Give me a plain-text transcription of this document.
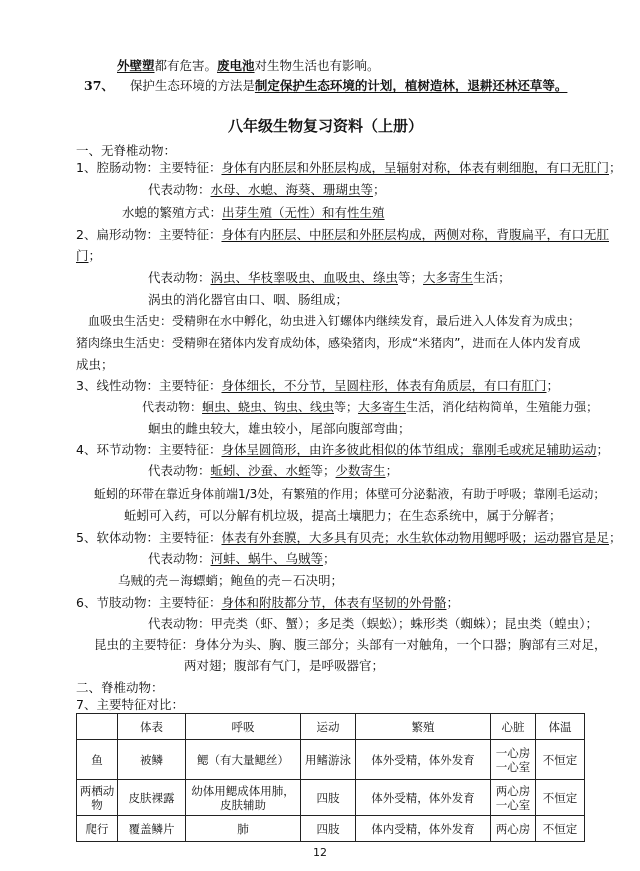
外壁塑都有危害。废电池对生物生活也有影响。
37、 保护生态环境的方法是制定保护生态环境的计划，植树造林，退耕还林还草等。
八年级生物复习资料（上册）
一、无脊椎动物：
1、腔肠动物：主要特征：身体有内胚层和外胚层构成，呈辐射对称，体表有刺细胞，有口无肛门；
代表动物：水母、水螅、海葵、珊瑚虫等；
水螅的繁殖方式：出芽生殖（无性）和有性生殖
2、扁形动物：主要特征：身体有内胚层、中胚层和外胚层构成，两侧对称，背腹扁平，有口无肛
门；
代表动物：涡虫、华枝睾吸虫、血吸虫、绦虫等；大多寄生生活；
涡虫的消化器官由口、咽、肠组成；
血吸虫生活史：受精卵在水中孵化，幼虫进入钉螺体内继续发育，最后进入人体发育为成虫；
猪肉绦虫生活史：受精卵在猪体内发育成幼体，感染猪肉，形成“米猪肉”，进而在人体内发育成
成虫；
3、线性动物：主要特征：身体细长，不分节，呈圆柱形，体表有角质层，有口有肛门；
代表动物：蛔虫、蛲虫、钩虫、线虫等；大多寄生生活，消化结构简单，生殖能力强；
蛔虫的雌虫较大，雄虫较小，尾部向腹部弯曲；
4、环节动物：主要特征：身体呈圆筒形，由许多彼此相似的体节组成；靠刚毛或疣足辅助运动；
代表动物：蚯蚓、沙蚕、水蛭等；少数寄生；
蚯蚓的环带在靠近身体前端1/3处，有繁殖的作用；体壁可分泌黏液，有助于呼吸；靠刚毛运动；
蚯蚓可入药，可以分解有机垃圾，提高土壤肥力；在生态系统中，属于分解者；
5、软体动物：主要特征：体表有外套膜，大多具有贝壳；水生软体动物用鳃呼吸；运动器官是足；
代表动物：河蚌、蜗牛、乌贼等；
乌贼的壳－海螵蛸；鲍鱼的壳－石决明；
6、节肢动物：主要特征：身体和附肢都分节，体表有坚韧的外骨骼；
代表动物：甲壳类（虾、蟹）；多足类（蜈蚣）；蛛形类（蜘蛛）；昆虫类（蝗虫）；
昆虫的主要特征：身体分为头、胸、腹三部分；头部有一对触角，一个口器；胸部有三对足，
两对翅；腹部有气门，是呼吸器官；
二、脊椎动物：
7、主要特征对比：
	体表	呼吸	运动	繁殖	心脏	体温
鱼	被鳞	鳃（有大量鳃丝）	用鳍游泳	体外受精，体外发育	一心房一心室	不恒定
两栖动物	皮肤裸露	幼体用鳃成体用肺，皮肤辅助	四肢	体外受精，体外发育	两心房一心室	不恒定
爬行	覆盖鳞片	肺	四肢	体内受精，体外发育	两心房	不恒定
12
